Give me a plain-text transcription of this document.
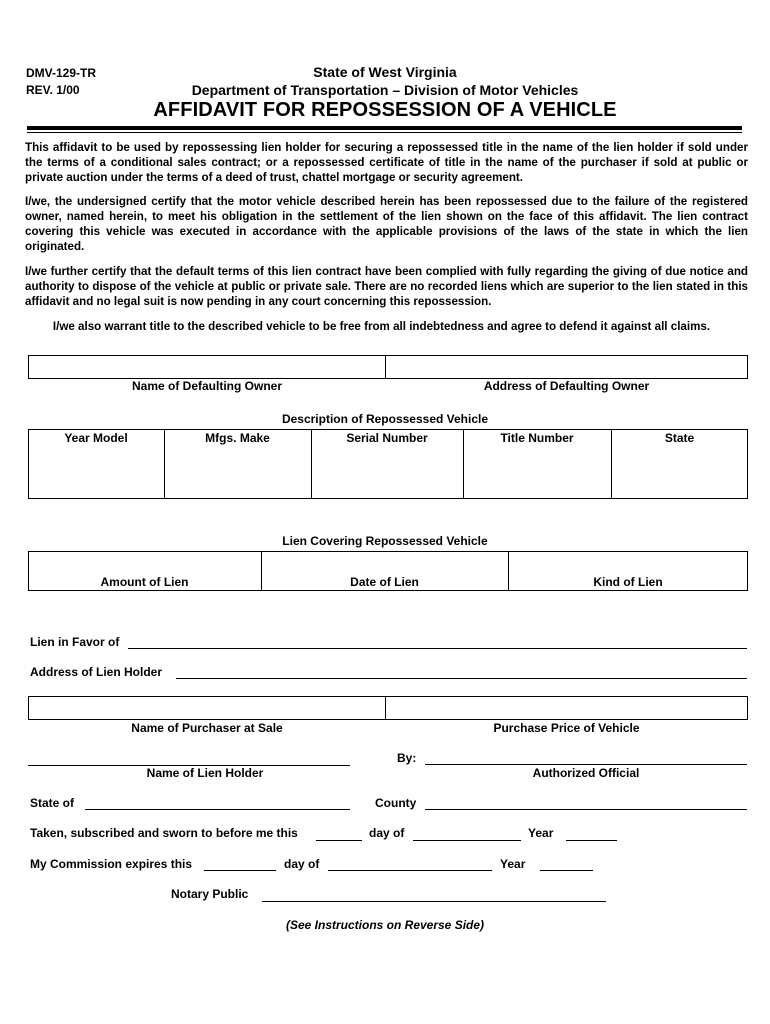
DMV-129-TR
REV. 1/00
State of West Virginia
Department of Transportation – Division of Motor Vehicles
AFFIDAVIT FOR REPOSSESSION OF A VEHICLE
This affidavit to be used by repossessing lien holder for securing a repossessed title in the name of the lien holder if sold under the terms of a conditional sales contract; or a repossessed certificate of title in the name of the purchaser if sold at public or private auction under the terms of a deed of trust, chattel mortgage or security agreement.
I/we, the undersigned certify that the motor vehicle described herein has been repossessed due to the failure of the registered owner, named herein, to meet his obligation in the settlement of the lien shown on the face of this affidavit. The lien contract covering this vehicle was executed in accordance with the applicable provisions of the laws of the state in which the lien originated.
I/we further certify that the default terms of this lien contract have been complied with fully regarding the giving of due notice and authority to dispose of the vehicle at public or private sale. There are no recorded liens which are superior to the lien stated in this affidavit and no legal suit is now pending in any court concerning this repossession.
I/we also warrant title to the described vehicle to be free from all indebtedness and agree to defend it against all claims.
Name of Defaulting Owner	Address of Defaulting Owner
Description of Repossessed Vehicle
Year Model	Mfgs. Make	Serial Number	Title Number	State
Lien Covering Repossessed Vehicle
Amount of Lien	Date of Lien	Kind of Lien
Lien in Favor of
Address of Lien Holder
Name of Purchaser at Sale	Purchase Price of Vehicle
By:
Name of Lien Holder	Authorized Official
State of	County
Taken, subscribed and sworn to before me this	day of	Year
My Commission expires this	day of	Year
Notary Public
(See Instructions on Reverse Side)
